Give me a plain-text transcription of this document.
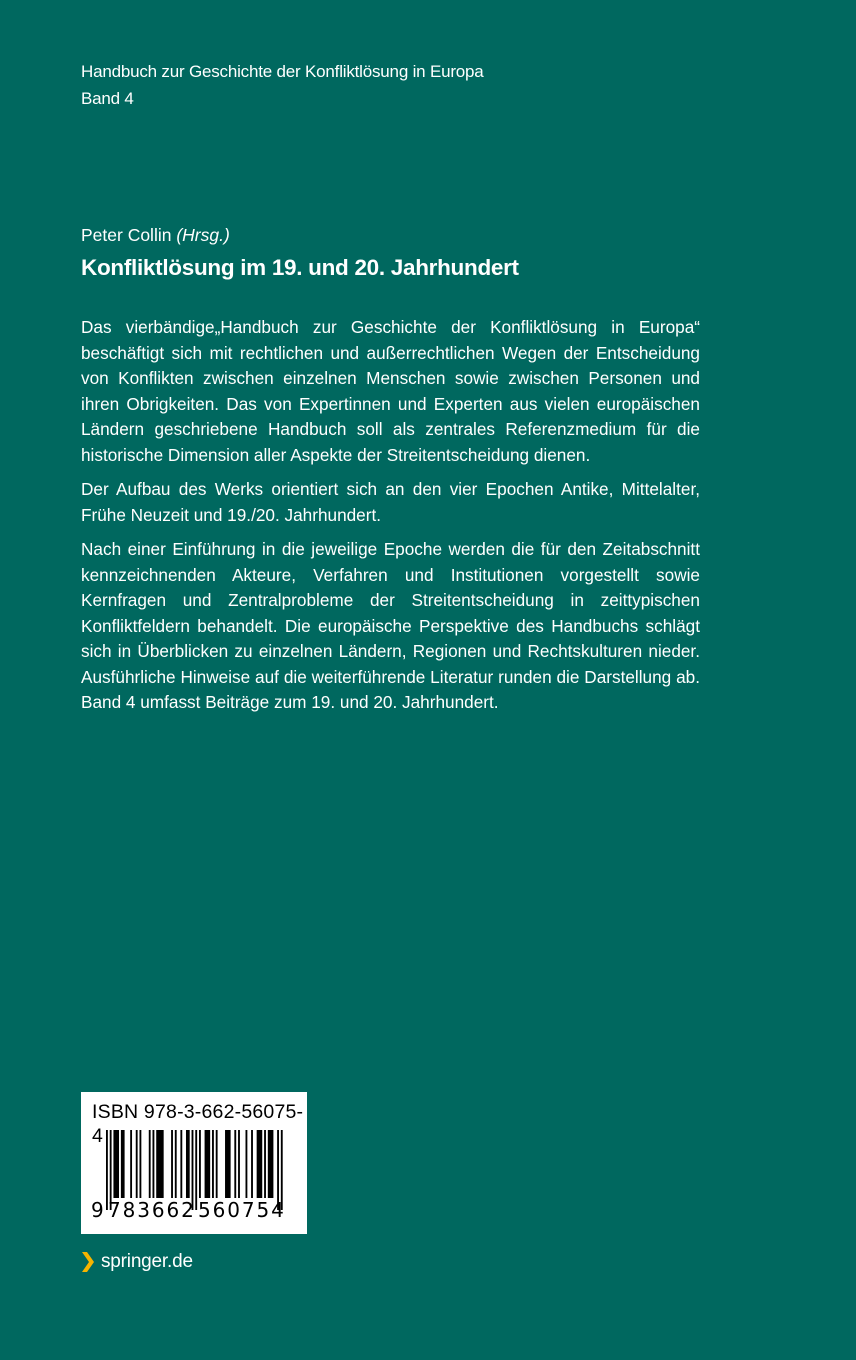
Handbuch zur Geschichte der Konfliktlösung in Europa
Band 4
Peter Collin (Hrsg.)
Konfliktlösung im 19. und 20. Jahrhundert

Das vierbändige„Handbuch zur Geschichte der Konfliktlösung in Europa“ beschäftigt sich mit rechtlichen und außerrechtlichen Wegen der Entscheidung von Konflikten zwischen einzelnen Menschen sowie zwischen Personen und ihren Obrigkeiten. Das von Expertinnen und Experten aus vielen europäischen Ländern geschriebene Handbuch soll als zentrales Referenzmedium für die historische Dimension aller Aspekte der Streitentscheidung dienen.

Der Aufbau des Werks orientiert sich an den vier Epochen Antike, Mittelalter, Frühe Neuzeit und 19./20. Jahrhundert.

Nach einer Einführung in die jeweilige Epoche werden die für den Zeitabschnitt kennzeichnenden Akteure, Verfahren und Institutionen vorgestellt sowie Kernfragen und Zentralprobleme der Streitentscheidung in zeittypischen Konfliktfeldern behandelt. Die europäische Perspektive des Handbuchs schlägt sich in Überblicken zu einzelnen Ländern, Regionen und Rechtskulturen nieder. Ausführliche Hinweise auf die weiterführende Literatur runden die Darstellung ab. Band 4 umfasst Beiträge zum 19. und 20. Jahrhundert.

ISBN 978-3-662-56075-4
9 783662 560754
springer.de
